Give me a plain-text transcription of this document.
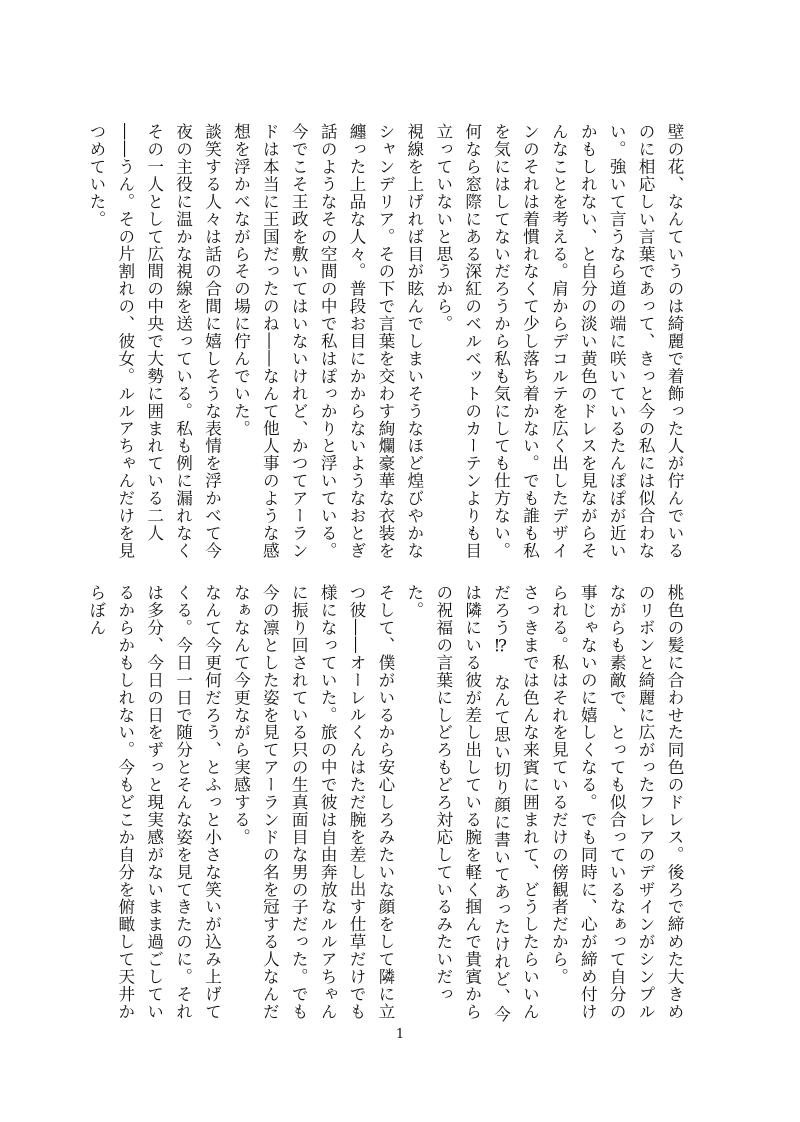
壁の花、なんていうのは綺麗で着飾った人が佇んでいるのに相応しい言葉であって、きっと今の私には似合わない。強いて言うなら道の端に咲いているたんぽぽが近いかもしれない、と自分の淡い黄色のドレスを見ながらそんなことを考える。肩からデコルテを広く出したデザインのそれは着慣れなくて少し落ち着かない。でも誰も私を気にはしてないだろうから私も気にしても仕方ない。何なら窓際にある深紅のベルベットのカーテンよりも目立っていないと思うから。

視線を上げれば目が眩んでしまいそうなほど煌びやかなシャンデリア。その下で言葉を交わす絢爛豪華な衣装を纏った上品な人々。普段お目にかからないようなおとぎ話のようなその空間の中で私はぽっかりと浮いている。今でこそ王政を敷いてはいないけれど、かつてアーランドは本当に王国だったのね――なんて他人事のような感想を浮かべながらその場に佇んでいた。

談笑する人々は話の合間に嬉しそうな表情を浮かべて今夜の主役に温かな視線を送っている。私も例に漏れなくその一人として広間の中央で大勢に囲まれている二人――うん。その片割れの、彼女。ルルアちゃんだけを見つめていた。

桃色の髪に合わせた同色のドレス。後ろで締めた大きめのリボンと綺麗に広がったフレアのデザインがシンプルながらも素敵で、とっても似合っているなぁって自分の事じゃないのに嬉しくなる。でも同時に、心が締め付けられる。私はそれを見ているだけの傍観者だから。

さっきまでは色んな来賓に囲まれて、どうしたらいいんだろう⁉︎　なんて思い切り顔に書いてあったけれど、今は隣にいる彼が差し出している腕を軽く掴んで貴賓からの祝福の言葉にしどろもどろ対応しているみたいだった。

そして、僕がいるから安心しろみたいな顔をして隣に立つ彼――オーレルくんはただ腕を差し出す仕草だけでも様になっていた。旅の中で彼は自由奔放なルルアちゃんに振り回されている只の生真面目な男の子だった。でも今の凛とした姿を見てアーランドの名を冠する人なんだなぁなんて今更ながら実感する。

なんて今更何だろう、とふっと小さな笑いが込み上げてくる。今日一日で随分とそんな姿を見てきたのに。それは多分、今日の日をずっと現実感がないまま過ごしているからかもしれない。今もどこか自分を俯瞰して天井からぼん

1
